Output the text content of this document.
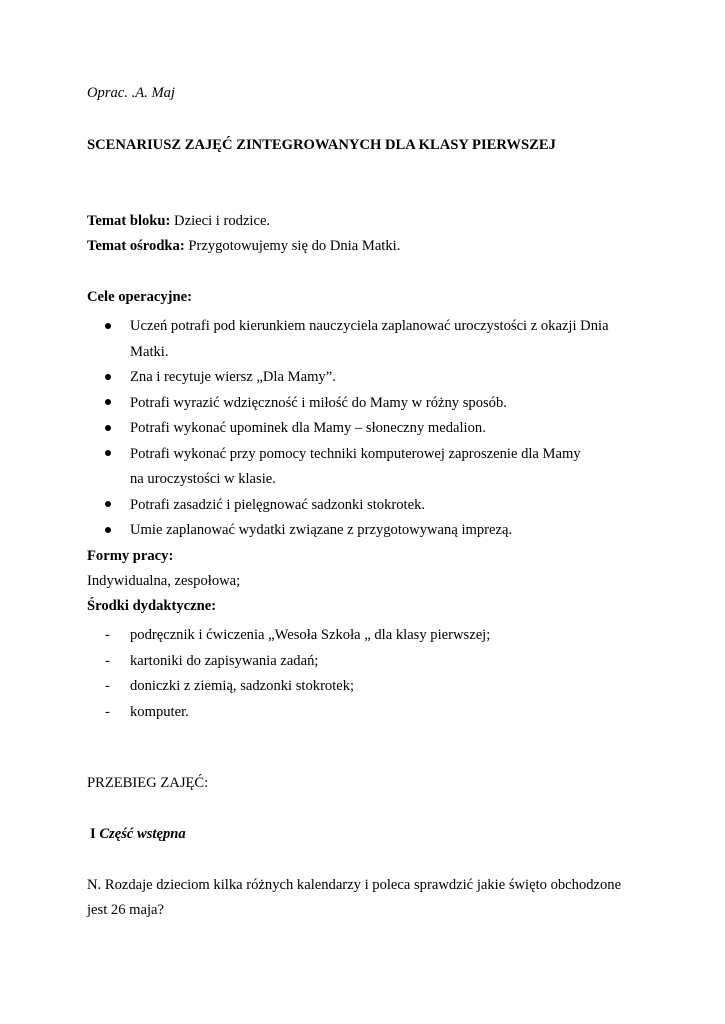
Oprac. .A. Maj
SCENARIUSZ ZAJĘĆ ZINTEGROWANYCH DLA KLASY PIERWSZEJ
Temat bloku: Dzieci i rodzice.
Temat ośrodka: Przygotowujemy się do Dnia Matki.
Cele operacyjne:
Uczeń potrafi pod kierunkiem nauczyciela zaplanować uroczystości z okazji Dnia
Matki.
Zna i recytuje wiersz „Dla Mamy”.
Potrafi wyrazić wdzięczność i miłość do Mamy w różny sposób.
Potrafi wykonać upominek dla Mamy – słoneczny medalion.
Potrafi wykonać przy pomocy techniki komputerowej zaproszenie dla Mamy
na uroczystości w klasie.
Potrafi zasadzić i pielęgnować sadzonki stokrotek.
Umie zaplanować wydatki związane z przygotowywaną imprezą.
Formy pracy:
Indywidualna, zespołowa;
Środki dydaktyczne:
- podręcznik i ćwiczenia „Wesoła Szkoła „ dla klasy pierwszej;
- kartoniki do zapisywania zadań;
- doniczki z ziemią, sadzonki stokrotek;
- komputer.
PRZEBIEG ZAJĘĆ:
I Część wstępna
N. Rozdaje dzieciom kilka różnych kalendarzy i poleca sprawdzić jakie święto obchodzone
jest 26 maja?
